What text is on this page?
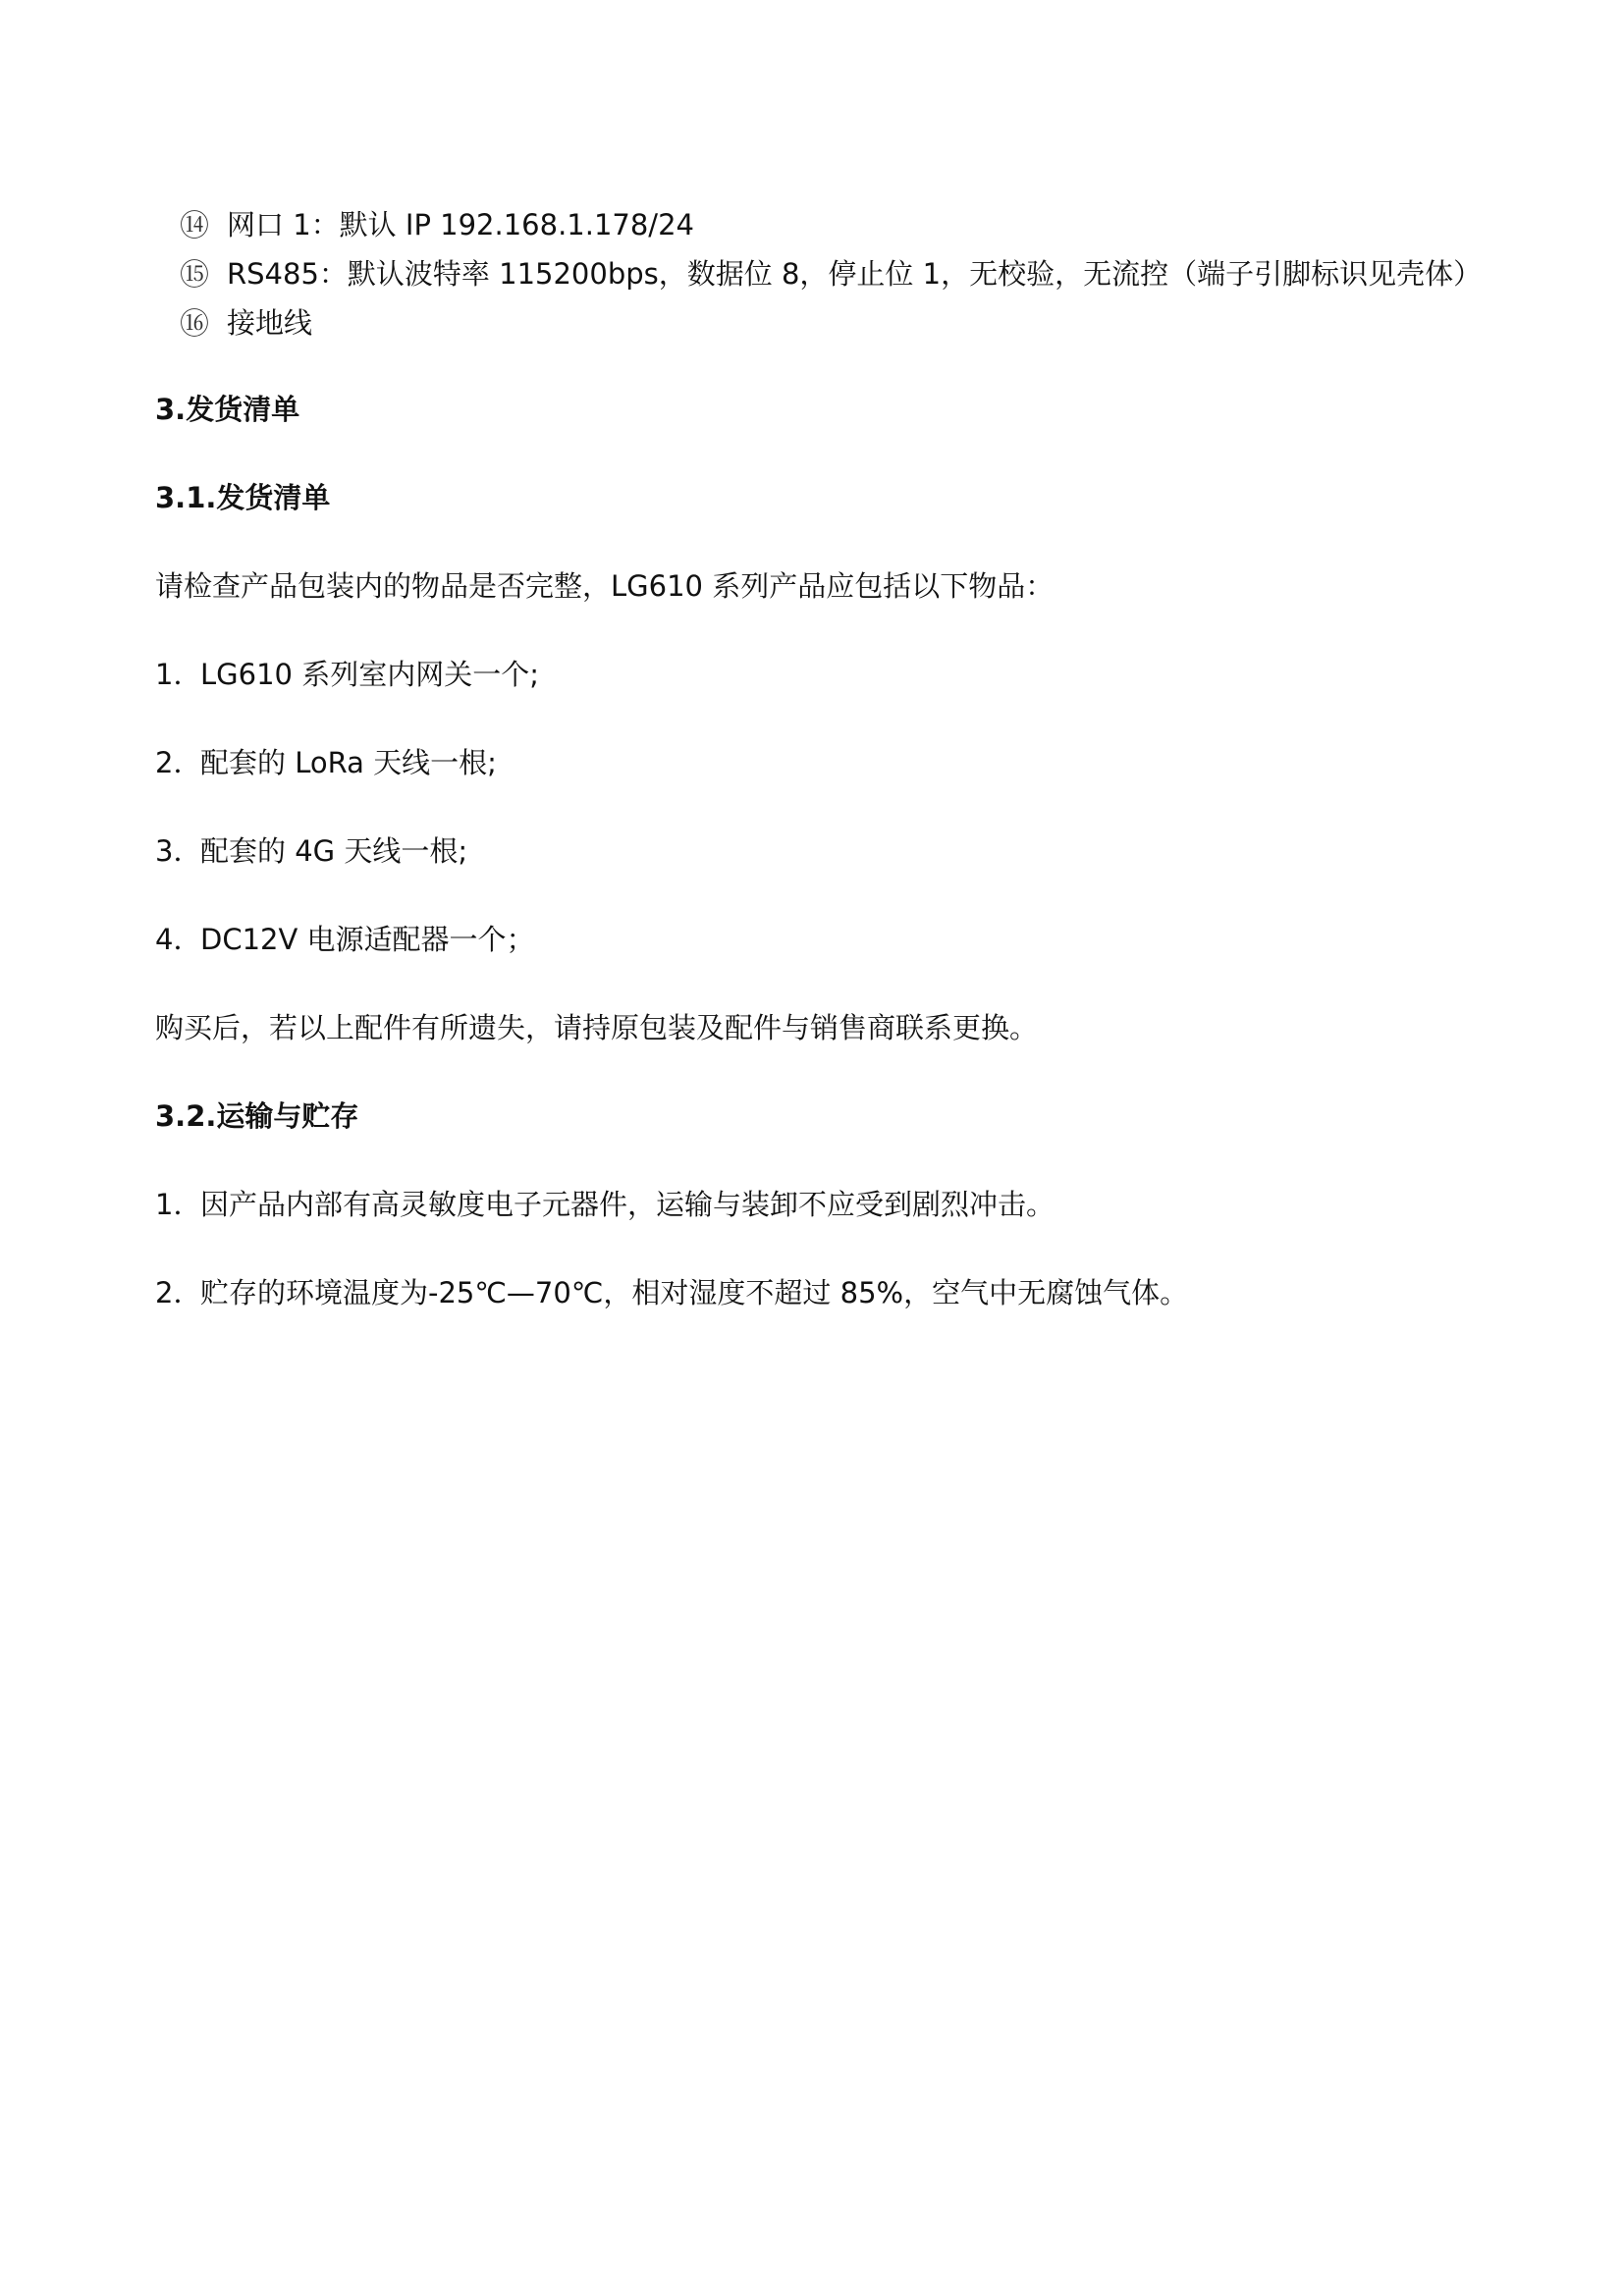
⑭ 网口 1：默认 IP 192.168.1.178/24
⑮ RS485：默认波特率 115200bps，数据位 8，停止位 1，无校验，无流控（端子引脚标识见壳体）
⑯ 接地线
3.发货清单
3.1.发货清单
请检查产品包装内的物品是否完整，LG610 系列产品应包括以下物品：
1．LG610 系列室内网关一个;
2．配套的 LoRa 天线一根;
3．配套的 4G 天线一根;
4．DC12V 电源适配器一个；
购买后，若以上配件有所遗失，请持原包装及配件与销售商联系更换。
3.2.运输与贮存
1．因产品内部有高灵敏度电子元器件，运输与装卸不应受到剧烈冲击。
2．贮存的环境温度为-25℃—70℃，相对湿度不超过 85%，空气中无腐蚀气体。
